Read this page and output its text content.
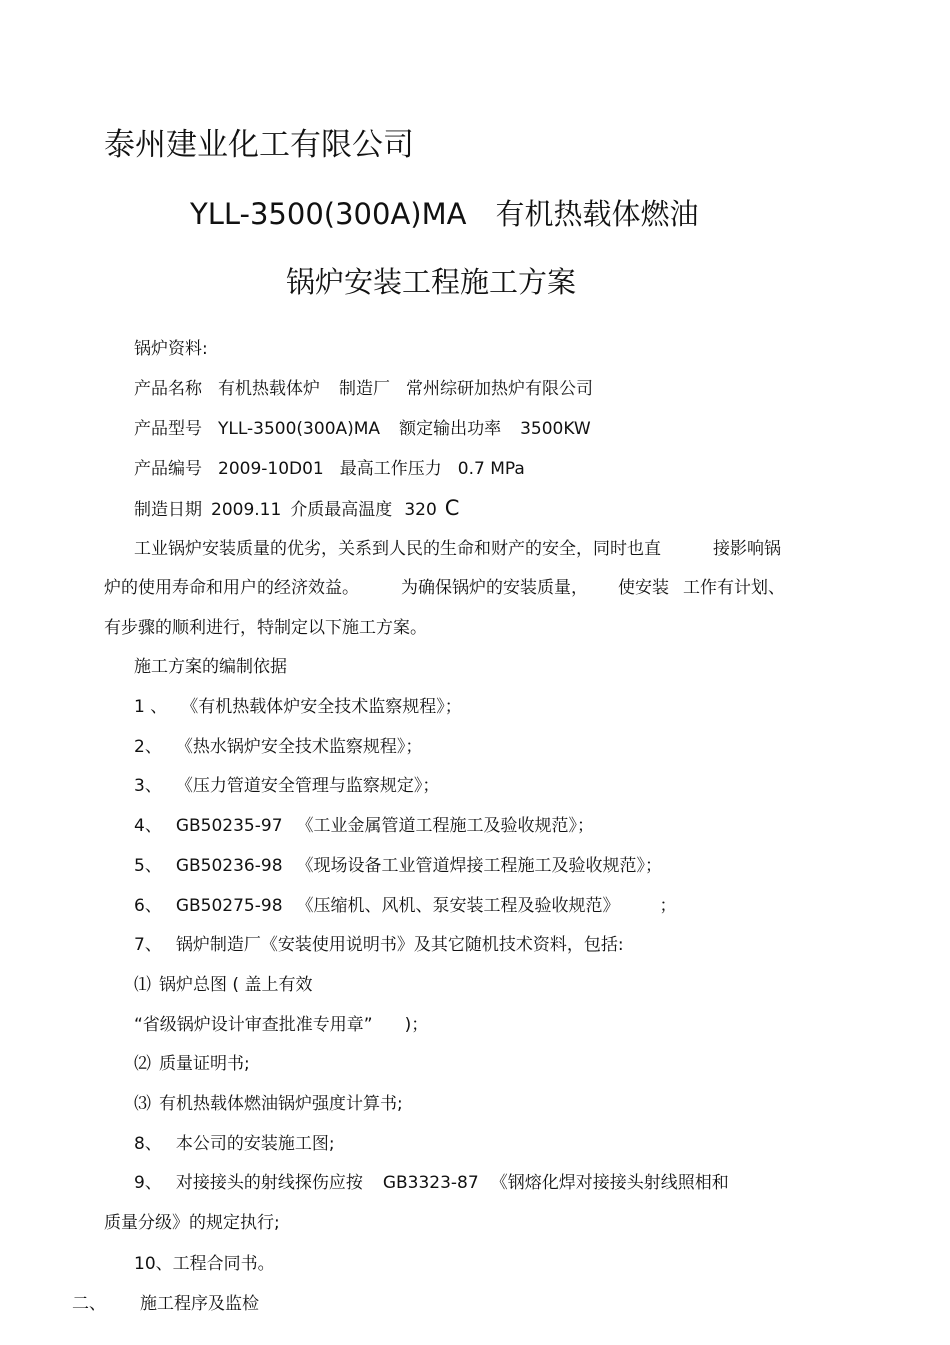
泰州建业化工有限公司
YLL-3500(300A)MA　有机热载体燃油
锅炉安装工程施工方案
锅炉资料:
产品名称 有机热载体炉 制造厂 常州综研加热炉有限公司
产品型号 YLL-3500(300A)MA 额定输出功率 3500KW
产品编号 2009-10D01 最高工作压力 0.7 MPa
制造日期 2009.11 介质最高温度 320 C
工业锅炉安装质量的优劣，关系到人民的生命和财产的安全，同时也直	接影响锅
炉的使用寿命和用户的经济效益。 为确保锅炉的安装质量， 使安装 工作有计划、
有步骤的顺利进行，特制定以下施工方案。
施工方案的编制依据
1 、 《有机热载体炉安全技术监察规程》；
2、 《热水锅炉安全技术监察规程》；
3、 《压力管道安全管理与监察规定》；
4、 GB50235-97 《工业金属管道工程施工及验收规范》；
5、 GB50236-98 《现场设备工业管道焊接工程施工及验收规范》；
6、 GB50275-98 《压缩机、风机、泵安装工程及验收规范》 ；
7、 锅炉制造厂《安装使用说明书》及其它随机技术资料，包括:
⑴ 锅炉总图 ( 盖上有效
“省级锅炉设计审查批准专用章” )；
⑵ 质量证明书;
⑶ 有机热载体燃油锅炉强度计算书;
8、 本公司的安装施工图;
9、 对接接头的射线探伤应按 GB3323-87 《钢熔化焊对接接头射线照相和
质量分级》的规定执行;
10、工程合同书。
二、 施工程序及监检
